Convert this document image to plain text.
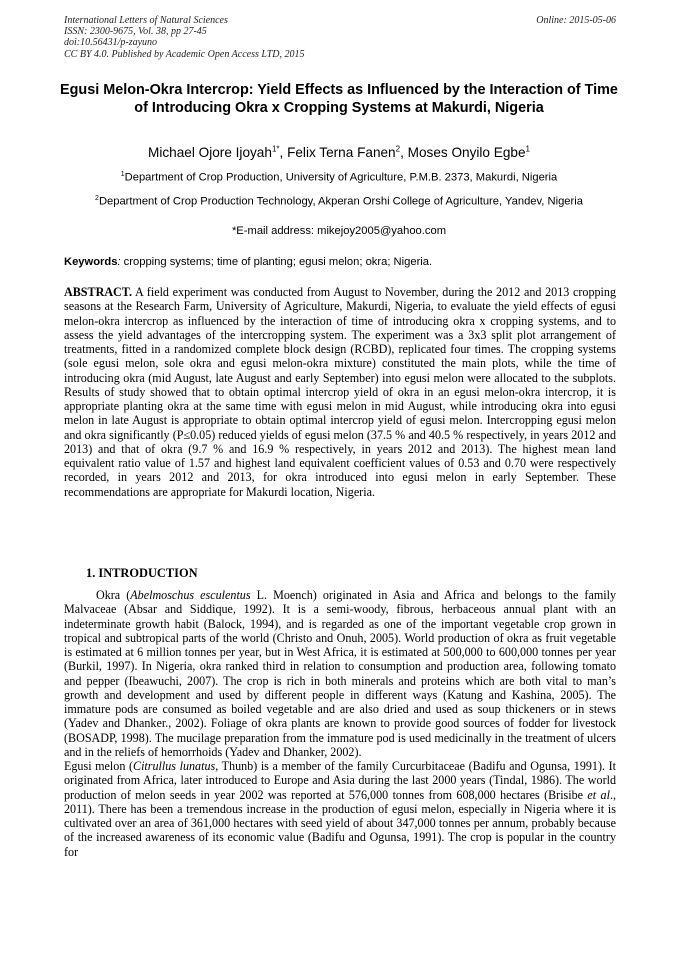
International Letters of Natural Sciences
ISSN: 2300-9675, Vol. 38, pp 27-45
doi:10.56431/p-zayuno
CC BY 4.0. Published by Academic Open Access LTD, 2015
Online: 2015-05-06
Egusi Melon-Okra Intercrop: Yield Effects as Influenced by the Interaction of Time of Introducing Okra x Cropping Systems at Makurdi, Nigeria
Michael Ojore Ijoyah$^{1*}$, Felix Terna Fanen$^2$, Moses Onyilo Egbe$^1$
$^1$Department of Crop Production, University of Agriculture, P.M.B. 2373, Makurdi, Nigeria
$^2$Department of Crop Production Technology, Akperan Orshi College of Agriculture, Yandev, Nigeria
*E-mail address: mikejoy2005@yahoo.com
Keywords: cropping systems; time of planting; egusi melon; okra; Nigeria.

ABSTRACT. A field experiment was conducted from August to November, during the 2012 and 2013 cropping seasons at the Research Farm, University of Agriculture, Makurdi, Nigeria, to evaluate the yield effects of egusi melon-okra intercrop as influenced by the interaction of time of introducing okra x cropping systems, and to assess the yield advantages of the intercropping system. The experiment was a 3x3 split plot arrangement of treatments, fitted in a randomized complete block design (RCBD), replicated four times. The cropping systems (sole egusi melon, sole okra and egusi melon-okra mixture) constituted the main plots, while the time of introducing okra (mid August, late August and early September) into egusi melon were allocated to the subplots. Results of study showed that to obtain optimal intercrop yield of okra in an egusi melon-okra intercrop, it is appropriate planting okra at the same time with egusi melon in mid August, while introducing okra into egusi melon in late August is appropriate to obtain optimal intercrop yield of egusi melon. Intercropping egusi melon and okra significantly (P≤0.05) reduced yields of egusi melon (37.5 % and 40.5 % respectively, in years 2012 and 2013) and that of okra (9.7 % and 16.9 % respectively, in years 2012 and 2013). The highest mean land equivalent ratio value of 1.57 and highest land equivalent coefficient values of 0.53 and 0.70 were respectively recorded, in years 2012 and 2013, for okra introduced into egusi melon in early September. These recommendations are appropriate for Makurdi location, Nigeria.

1. INTRODUCTION

Okra (Abelmoschus esculentus L. Moench) originated in Asia and Africa and belongs to the family Malvaceae (Absar and Siddique, 1992). It is a semi-woody, fibrous, herbaceous annual plant with an indeterminate growth habit (Balock, 1994), and is regarded as one of the important vegetable crop grown in tropical and subtropical parts of the world (Christo and Onuh, 2005). World production of okra as fruit vegetable is estimated at 6 million tonnes per year, but in West Africa, it is estimated at 500,000 to 600,000 tonnes per year (Burkil, 1997). In Nigeria, okra ranked third in relation to consumption and production area, following tomato and pepper (Ibeawuchi, 2007). The crop is rich in both minerals and proteins which are both vital to man’s growth and development and used by different people in different ways (Katung and Kashina, 2005). The immature pods are consumed as boiled vegetable and are also dried and used as soup thickeners or in stews (Yadev and Dhanker., 2002). Foliage of okra plants are known to provide good sources of fodder for livestock (BOSADP, 1998). The mucilage preparation from the immature pod is used medicinally in the treatment of ulcers and in the reliefs of hemorrhoids (Yadev and Dhanker, 2002).

Egusi melon (Citrullus lunatus, Thunb) is a member of the family Curcurbitaceae (Badifu and Ogunsa, 1991). It originated from Africa, later introduced to Europe and Asia during the last 2000 years (Tindal, 1986). The world production of melon seeds in year 2002 was reported at 576,000 tonnes from 608,000 hectares (Brisibe et al., 2011). There has been a tremendous increase in the production of egusi melon, especially in Nigeria where it is cultivated over an area of 361,000 hectares with seed yield of about 347,000 tonnes per annum, probably because of the increased awareness of its economic value (Badifu and Ogunsa, 1991). The crop is popular in the country for
